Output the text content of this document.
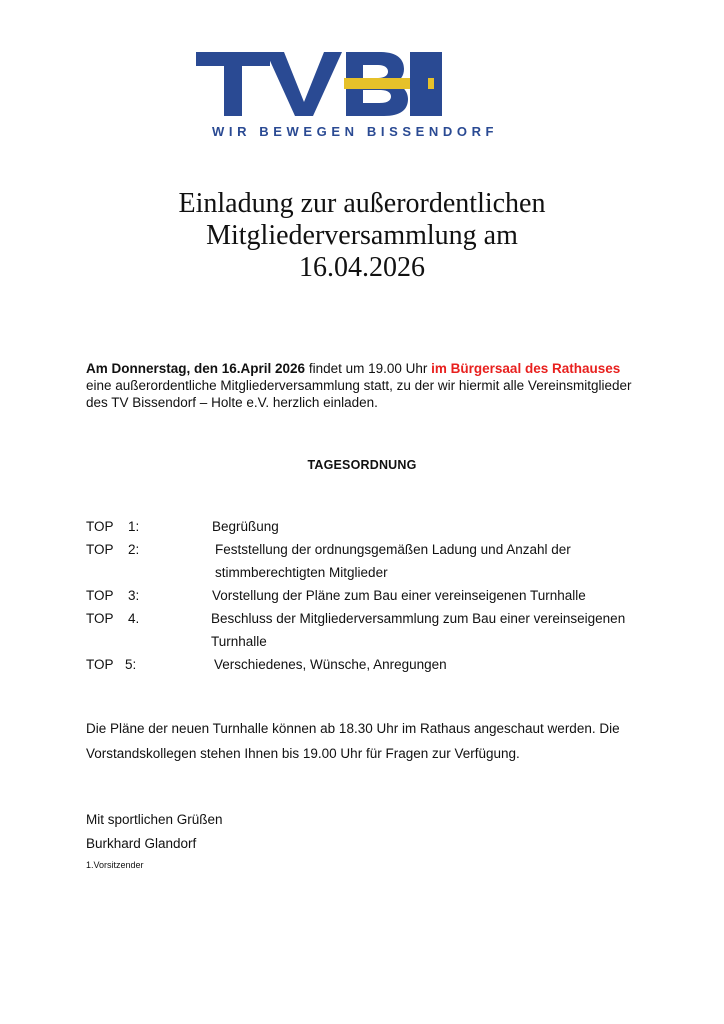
WIR BEWEGEN BISSENDORF
Einladung zur außerordentlichen
Mitgliederversammlung am
16.04.2026
Am Donnerstag, den 16.April 2026 findet um 19.00 Uhr im Bürgersaal des Rathauses
eine außerordentliche Mitgliederversammlung statt, zu der wir hiermit alle Vereinsmitglieder
des TV Bissendorf – Holte e.V. herzlich einladen.
TAGESORDNUNG
TOP 1:	Begrüßung
TOP 2:	Feststellung der ordnungsgemäßen Ladung und Anzahl der
stimmberechtigten Mitglieder
TOP 3:	Vorstellung der Pläne zum Bau einer vereinseigenen Turnhalle
TOP 4.	Beschluss der Mitgliederversammlung zum Bau einer vereinseigenen
Turnhalle
TOP 5:	Verschiedenes, Wünsche, Anregungen
Die Pläne der neuen Turnhalle können ab 18.30 Uhr im Rathaus angeschaut werden. Die
Vorstandskollegen stehen Ihnen bis 19.00 Uhr für Fragen zur Verfügung.
Mit sportlichen Grüßen
Burkhard Glandorf
1.Vorsitzender
